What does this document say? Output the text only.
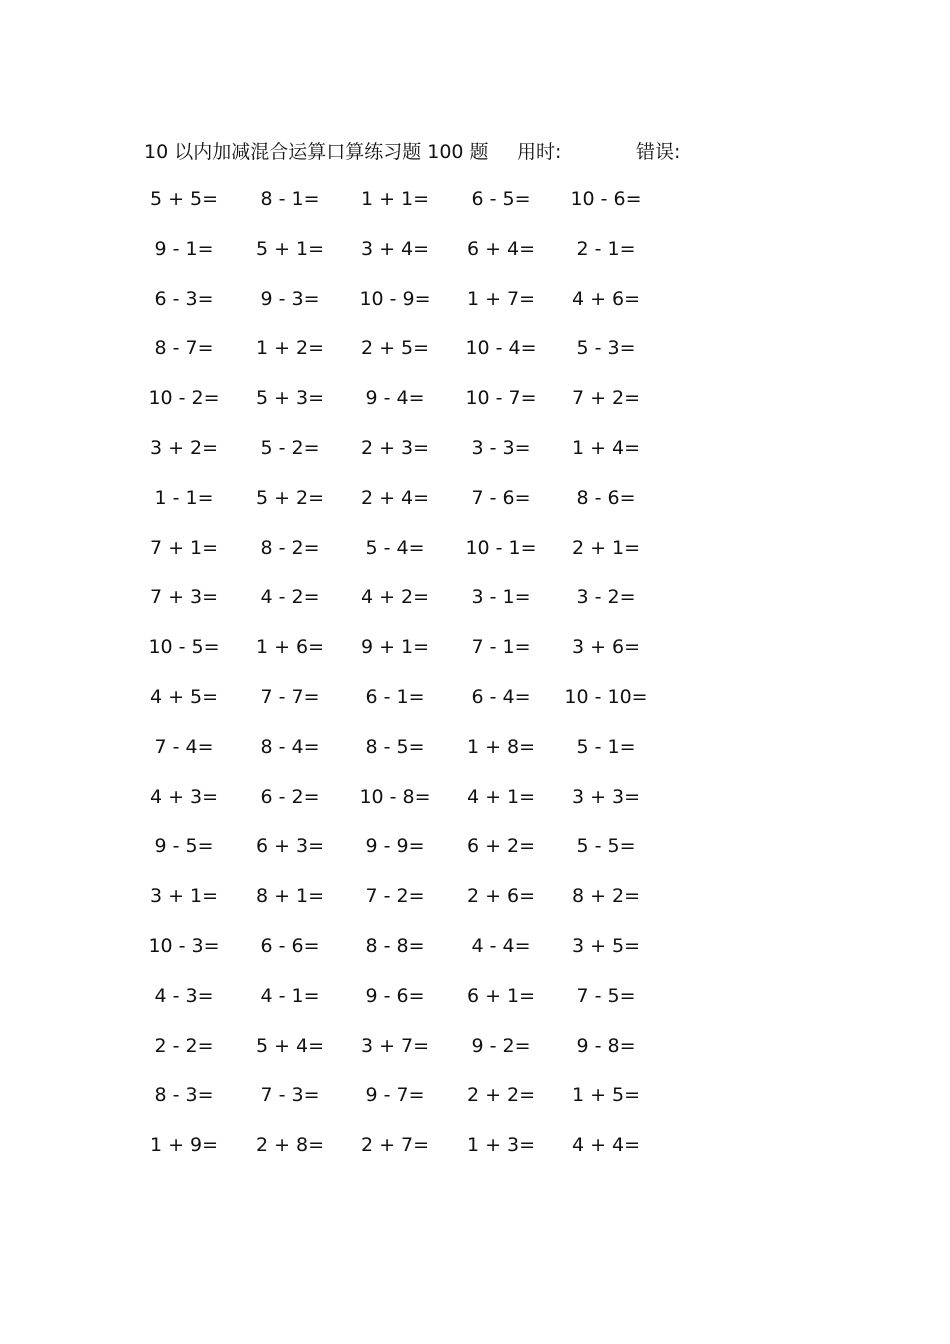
10 以内加减混合运算口算练习题 100 题 用时:	错误:
5 + 5= 8 - 1= 1 + 1= 6 - 5= 10 - 6=
9 - 1= 5 + 1= 3 + 4= 6 + 4= 2 - 1=
6 - 3= 9 - 3= 10 - 9= 1 + 7= 4 + 6=
8 - 7= 1 + 2= 2 + 5= 10 - 4= 5 - 3=
10 - 2= 5 + 3= 9 - 4= 10 - 7= 7 + 2=
3 + 2= 5 - 2= 2 + 3= 3 - 3= 1 + 4=
1 - 1= 5 + 2= 2 + 4= 7 - 6= 8 - 6=
7 + 1= 8 - 2= 5 - 4= 10 - 1= 2 + 1=
7 + 3= 4 - 2= 4 + 2= 3 - 1= 3 - 2=
10 - 5= 1 + 6= 9 + 1= 7 - 1= 3 + 6=
4 + 5= 7 - 7= 6 - 1= 6 - 4= 10 - 10=
7 - 4= 8 - 4= 8 - 5= 1 + 8= 5 - 1=
4 + 3= 6 - 2= 10 - 8= 4 + 1= 3 + 3=
9 - 5= 6 + 3= 9 - 9= 6 + 2= 5 - 5=
3 + 1= 8 + 1= 7 - 2= 2 + 6= 8 + 2=
10 - 3= 6 - 6= 8 - 8= 4 - 4= 3 + 5=
4 - 3= 4 - 1= 9 - 6= 6 + 1= 7 - 5=
2 - 2= 5 + 4= 3 + 7= 9 - 2= 9 - 8=
8 - 3= 7 - 3= 9 - 7= 2 + 2= 1 + 5=
1 + 9= 2 + 8= 2 + 7= 1 + 3= 4 + 4=
